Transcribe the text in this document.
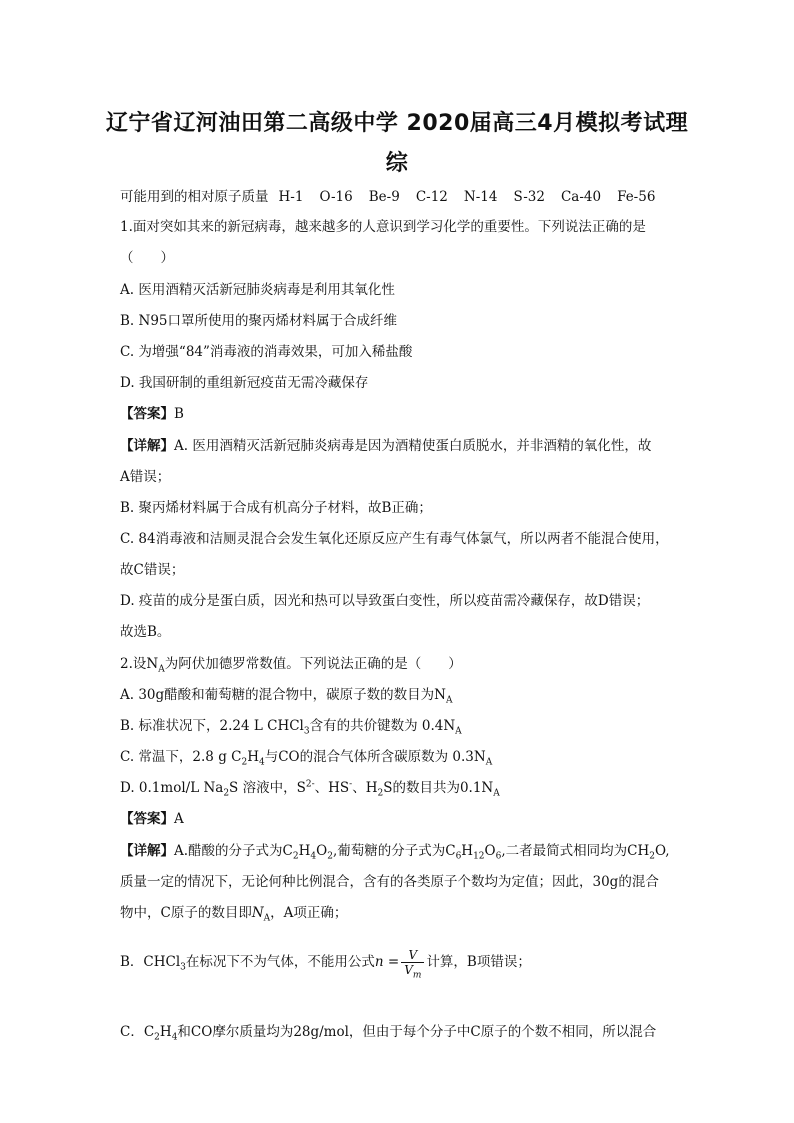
辽宁省辽河油田第二高级中学 2020届高三4月模拟考试理
综
可能用到的相对原子质量 H-1 O-16 Be-9 C-12 N-14 S-32 Ca-40 Fe-56

1.面对突如其来的新冠病毒，越来越多的人意识到学习化学的重要性。下列说法正确的是

（　　）

A. 医用酒精灭活新冠肺炎病毒是利用其氧化性

B. N95口罩所使用的聚丙烯材料属于合成纤维

C. 为增强“84”消毒液的消毒效果，可加入稀盐酸

D. 我国研制的重组新冠疫苗无需冷藏保存

【答案】B

【详解】A. 医用酒精灭活新冠肺炎病毒是因为酒精使蛋白质脱水，并非酒精的氧化性，故

A错误；

B. 聚丙烯材料属于合成有机高分子材料，故B正确；

C. 84消毒液和洁厕灵混合会发生氧化还原反应产生有毒气体氯气，所以两者不能混合使用，

故C错误；

D. 疫苗的成分是蛋白质，因光和热可以导致蛋白变性，所以疫苗需冷藏保存，故D错误；

故选B。

2.设$N_A$为阿伏加德罗常数值。下列说法正确的是（　　）

A. 30g醋酸和葡萄糖的混合物中，碳原子数的数目为$N_A$

B. 标准状况下，2.24 L CHCl$_3$含有的共价键数为 $0.4N_A$

C. 常温下，2.8 g $C_2H_4$与CO的混合气体所含碳原数为 $0.3N_A$

D. 0.1mol/L $Na_2S$ 溶液中，$S^{2-}$、HS-、$H_2S$的数目共为$0.1N_A$

【答案】A

【详解】A.醋酸的分子式为$C_2H_4O_2$,葡萄糖的分子式为$C_6H_{12}O_6$,二者最简式相同均为$CH_2O$,

质量一定的情况下，无论何种比例混合，含有的各类原子个数均为定值；因此，30g的混合

物中，C原子的数目即$N_A$，A项正确；

B．CHCl$_3$在标况下不为气体，不能用公式$n = \frac{V}{V_m}$ 计算，B项错误；

C．$C_2H_4$和CO摩尔质量均为28g/mol，但由于每个分子中C原子的个数不相同，所以混合
